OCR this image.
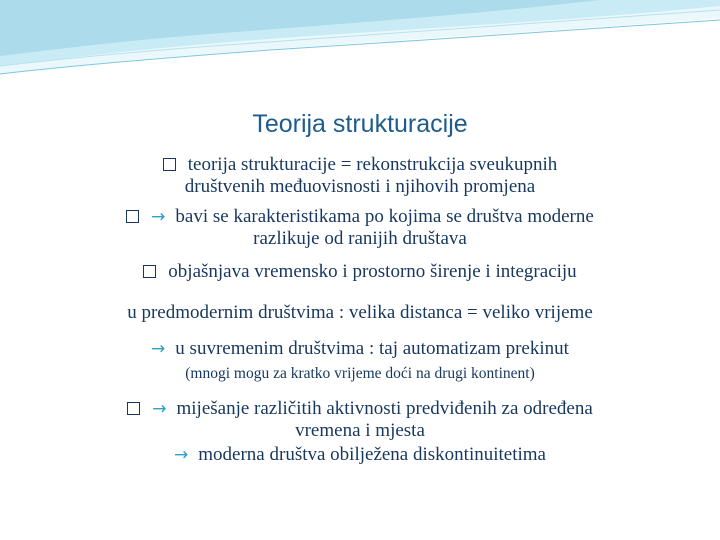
Teorija strukturacije
teorija strukturacije = rekonstrukcija sveukupnih
društvenih međuovisnosti i njihovih promjena
→ bavi se karakteristikama po kojima se društva moderne
razlikuje od ranijih društava
objašnjava vremensko i prostorno širenje i integraciju
u predmodernim društvima : velika distanca = veliko vrijeme
→ u suvremenim društvima : taj automatizam prekinut
(mnogi mogu za kratko vrijeme doći na drugi kontinent)
→ miješanje različitih aktivnosti predviđenih za određena
vremena i mjesta
→ moderna društva obilježena diskontinuitetima
